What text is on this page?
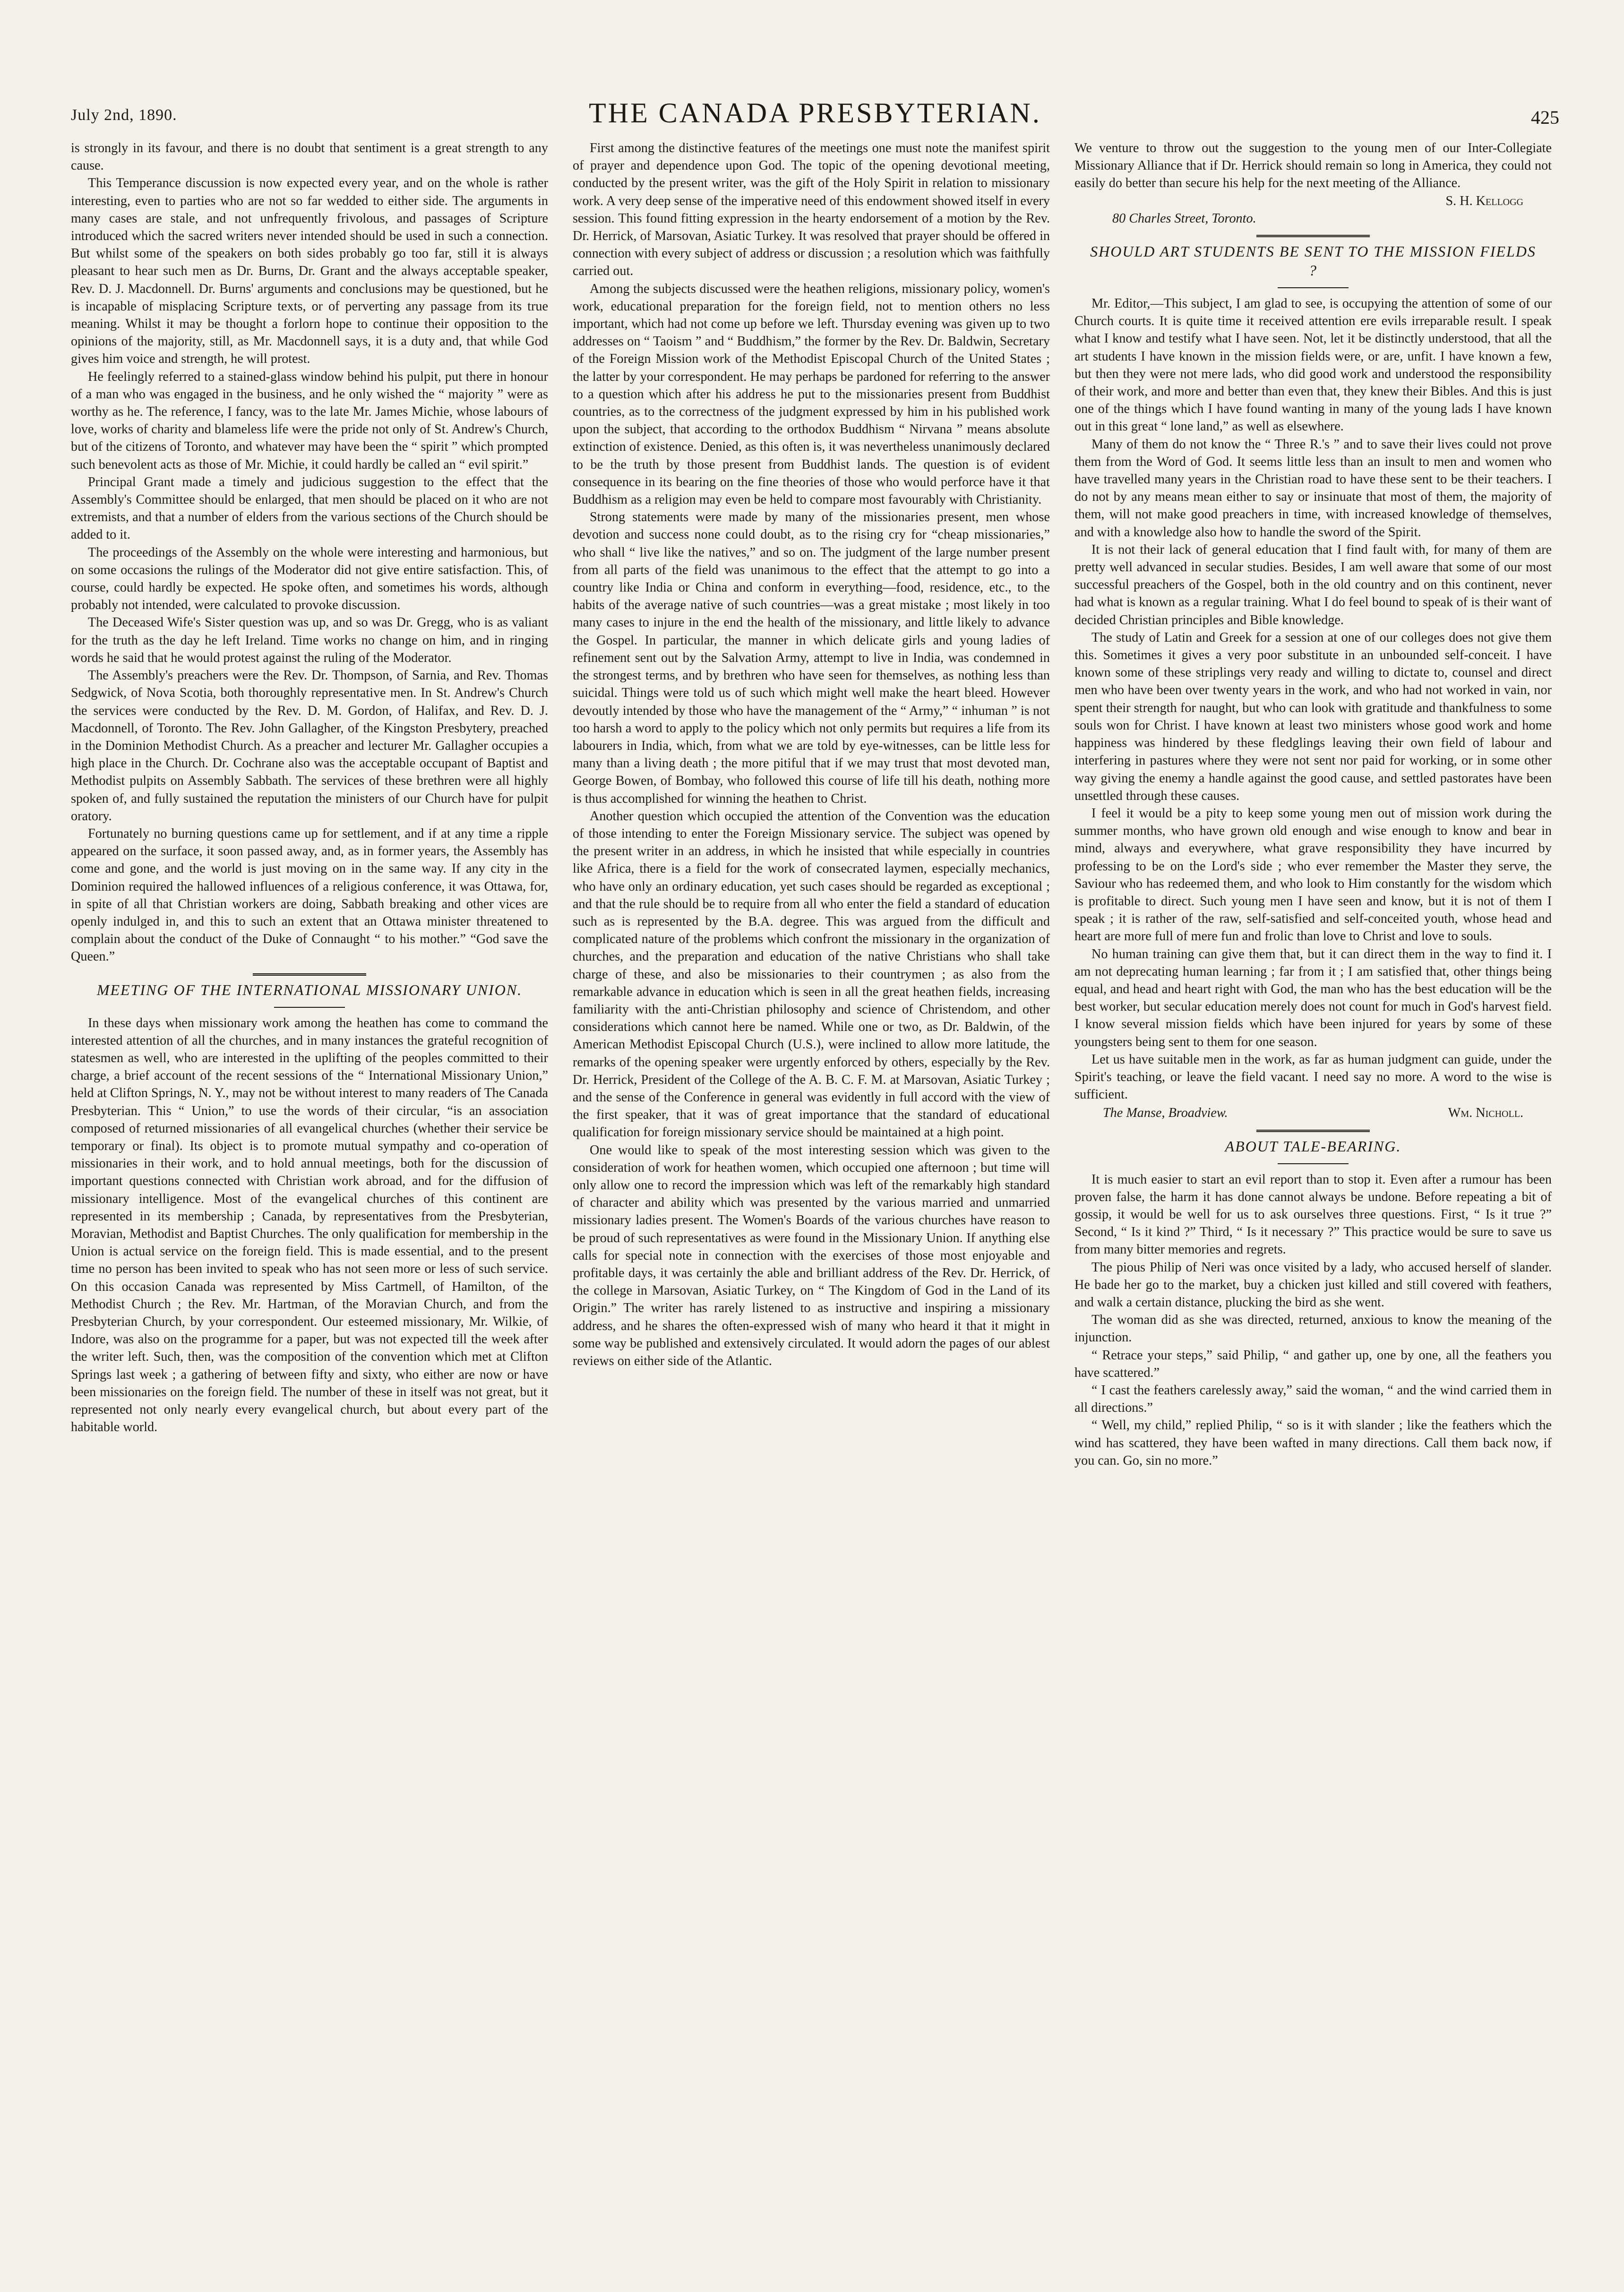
July 2nd, 1890.	THE CANADA PRESBYTERIAN.	425

is strongly in its favour, and there is no doubt that sentiment is a great strength to any cause.

This Temperance discussion is now expected every year, and on the whole is rather interesting, even to parties who are not so far wedded to either side. The arguments in many cases are stale, and not unfrequently frivolous, and passages of Scripture introduced which the sacred writers never intended should be used in such a connection. But whilst some of the speakers on both sides probably go too far, still it is always pleasant to hear such men as Dr. Burns, Dr. Grant and the always acceptable speaker, Rev. D. J. Macdonnell. Dr. Burns' arguments and conclusions may be questioned, but he is incapable of misplacing Scripture texts, or of perverting any passage from its true meaning. Whilst it may be thought a forlorn hope to continue their opposition to the opinions of the majority, still, as Mr. Macdonnell says, it is a duty and, that while God gives him voice and strength, he will protest.

He feelingly referred to a stained-glass window behind his pulpit, put there in honour of a man who was engaged in the business, and he only wished the “ majority ” were as worthy as he. The reference, I fancy, was to the late Mr. James Michie, whose labours of love, works of charity and blameless life were the pride not only of St. Andrew's Church, but of the citizens of Toronto, and whatever may have been the “ spirit ” which prompted such benevolent acts as those of Mr. Michie, it could hardly be called an “ evil spirit.”

Principal Grant made a timely and judicious suggestion to the effect that the Assembly's Committee should be enlarged, that men should be placed on it who are not extremists, and that a number of elders from the various sections of the Church should be added to it.

The proceedings of the Assembly on the whole were interesting and harmonious, but on some occasions the rulings of the Moderator did not give entire satisfaction. This, of course, could hardly be expected. He spoke often, and sometimes his words, although probably not intended, were calculated to provoke discussion.

The Deceased Wife's Sister question was up, and so was Dr. Gregg, who is as valiant for the truth as the day he left Ireland. Time works no change on him, and in ringing words he said that he would protest against the ruling of the Moderator.

The Assembly's preachers were the Rev. Dr. Thompson, of Sarnia, and Rev. Thomas Sedgwick, of Nova Scotia, both thoroughly representative men. In St. Andrew's Church the services were conducted by the Rev. D. M. Gordon, of Halifax, and Rev. D. J. Macdonnell, of Toronto. The Rev. John Gallagher, of the Kingston Presbytery, preached in the Dominion Methodist Church. As a preacher and lecturer Mr. Gallagher occupies a high place in the Church. Dr. Cochrane also was the acceptable occupant of Baptist and Methodist pulpits on Assembly Sabbath. The services of these brethren were all highly spoken of, and fully sustained the reputation the ministers of our Church have for pulpit oratory.

Fortunately no burning questions came up for settlement, and if at any time a ripple appeared on the surface, it soon passed away, and, as in former years, the Assembly has come and gone, and the world is just moving on in the same way. If any city in the Dominion required the hallowed influences of a religious conference, it was Ottawa, for, in spite of all that Christian workers are doing, Sabbath breaking and other vices are openly indulged in, and this to such an extent that an Ottawa minister threatened to complain about the conduct of the Duke of Connaught “ to his mother.” “God save the Queen.”

MEETING OF THE INTERNATIONAL MISSIONARY UNION.

In these days when missionary work among the heathen has come to command the interested attention of all the churches, and in many instances the grateful recognition of statesmen as well, who are interested in the uplifting of the peoples committed to their charge, a brief account of the recent sessions of the “ International Missionary Union,” held at Clifton Springs, N. Y., may not be without interest to many readers of The Canada Presbyterian. This “ Union,” to use the words of their circular, “is an association composed of returned missionaries of all evangelical churches (whether their service be temporary or final). Its object is to promote mutual sympathy and co-operation of missionaries in their work, and to hold annual meetings, both for the discussion of important questions connected with Christian work abroad, and for the diffusion of missionary intelligence. Most of the evangelical churches of this continent are represented in its membership ; Canada, by representatives from the Presbyterian, Moravian, Methodist and Baptist Churches. The only qualification for membership in the Union is actual service on the foreign field. This is made essential, and to the present time no person has been invited to speak who has not seen more or less of such service. On this occasion Canada was represented by Miss Cartmell, of Hamilton, of the Methodist Church ; the Rev. Mr. Hartman, of the Moravian Church, and from the Presbyterian Church, by your correspondent. Our esteemed missionary, Mr. Wilkie, of Indore, was also on the programme for a paper, but was not expected till the week after the writer left. Such, then, was the composition of the convention which met at Clifton Springs last week ; a gathering of between fifty and sixty, who either are now or have been missionaries on the foreign field. The number of these in itself was not great, but it represented not only nearly every evangelical church, but about every part of the habitable world.

First among the distinctive features of the meetings one must note the manifest spirit of prayer and dependence upon God. The topic of the opening devotional meeting, conducted by the present writer, was the gift of the Holy Spirit in relation to missionary work. A very deep sense of the imperative need of this endowment showed itself in every session. This found fitting expression in the hearty endorsement of a motion by the Rev. Dr. Herrick, of Marsovan, Asiatic Turkey. It was resolved that prayer should be offered in connection with every subject of address or discussion ; a resolution which was faithfully carried out.

Among the subjects discussed were the heathen religions, missionary policy, women's work, educational preparation for the foreign field, not to mention others no less important, which had not come up before we left. Thursday evening was given up to two addresses on “ Taoism ” and “ Buddhism,” the former by the Rev. Dr. Baldwin, Secretary of the Foreign Mission work of the Methodist Episcopal Church of the United States ; the latter by your correspondent. He may perhaps be pardoned for referring to the answer to a question which after his address he put to the missionaries present from Buddhist countries, as to the correctness of the judgment expressed by him in his published work upon the subject, that according to the orthodox Buddhism “ Nirvana ” means absolute extinction of existence. Denied, as this often is, it was nevertheless unanimously declared to be the truth by those present from Buddhist lands. The question is of evident consequence in its bearing on the fine theories of those who would perforce have it that Buddhism as a religion may even be held to compare most favourably with Christianity.

Strong statements were made by many of the missionaries present, men whose devotion and success none could doubt, as to the rising cry for “cheap missionaries,” who shall “ live like the natives,” and so on. The judgment of the large number present from all parts of the field was unanimous to the effect that the attempt to go into a country like India or China and conform in everything—food, residence, etc., to the habits of the average native of such countries—was a great mistake ; most likely in too many cases to injure in the end the health of the missionary, and little likely to advance the Gospel. In particular, the manner in which delicate girls and young ladies of refinement sent out by the Salvation Army, attempt to live in India, was condemned in the strongest terms, and by brethren who have seen for themselves, as nothing less than suicidal. Things were told us of such which might well make the heart bleed. However devoutly intended by those who have the management of the “ Army,” “ inhuman ” is not too harsh a word to apply to the policy which not only permits but requires a life from its labourers in India, which, from what we are told by eye-witnesses, can be little less for many than a living death ; the more pitiful that if we may trust that most devoted man, George Bowen, of Bombay, who followed this course of life till his death, nothing more is thus accomplished for winning the heathen to Christ.

Another question which occupied the attention of the Convention was the education of those intending to enter the Foreign Missionary service. The subject was opened by the present writer in an address, in which he insisted that while especially in countries like Africa, there is a field for the work of consecrated laymen, especially mechanics, who have only an ordinary education, yet such cases should be regarded as exceptional ; and that the rule should be to require from all who enter the field a standard of education such as is represented by the B.A. degree. This was argued from the difficult and complicated nature of the problems which confront the missionary in the organization of churches, and the preparation and education of the native Christians who shall take charge of these, and also be missionaries to their countrymen ; as also from the remarkable advance in education which is seen in all the great heathen fields, increasing familiarity with the anti-Christian philosophy and science of Christendom, and other considerations which cannot here be named. While one or two, as Dr. Baldwin, of the American Methodist Episcopal Church (U.S.), were inclined to allow more latitude, the remarks of the opening speaker were urgently enforced by others, especially by the Rev. Dr. Herrick, President of the College of the A. B. C. F. M. at Marsovan, Asiatic Turkey ; and the sense of the Conference in general was evidently in full accord with the view of the first speaker, that it was of great importance that the standard of educational qualification for foreign missionary service should be maintained at a high point.

One would like to speak of the most interesting session which was given to the consideration of work for heathen women, which occupied one afternoon ; but time will only allow one to record the impression which was left of the remarkably high standard of character and ability which was presented by the various married and unmarried missionary ladies present. The Women's Boards of the various churches have reason to be proud of such representatives as were found in the Missionary Union. If anything else calls for special note in connection with the exercises of those most enjoyable and profitable days, it was certainly the able and brilliant address of the Rev. Dr. Herrick, of the college in Marsovan, Asiatic Turkey, on “ The Kingdom of God in the Land of its Origin.” The writer has rarely listened to as instructive and inspiring a missionary address, and he shares the often-expressed wish of many who heard it that it might in some way be published and extensively circulated. It would adorn the pages of our ablest reviews on either side of the Atlantic.

We venture to throw out the suggestion to the young men of our Inter-Collegiate Missionary Alliance that if Dr. Herrick should remain so long in America, they could not easily do better than secure his help for the next meeting of the Alliance.

S. H. Kellogg

80 Charles Street, Toronto.

SHOULD ART STUDENTS BE SENT TO THE MISSION FIELDS ?

Mr. Editor,—This subject, I am glad to see, is occupying the attention of some of our Church courts. It is quite time it received attention ere evils irreparable result. I speak what I know and testify what I have seen. Not, let it be distinctly understood, that all the art students I have known in the mission fields were, or are, unfit. I have known a few, but then they were not mere lads, who did good work and understood the responsibility of their work, and more and better than even that, they knew their Bibles. And this is just one of the things which I have found wanting in many of the young lads I have known out in this great “ lone land,” as well as elsewhere.

Many of them do not know the “ Three R.'s ” and to save their lives could not prove them from the Word of God. It seems little less than an insult to men and women who have travelled many years in the Christian road to have these sent to be their teachers. I do not by any means mean either to say or insinuate that most of them, the majority of them, will not make good preachers in time, with increased knowledge of themselves, and with a knowledge also how to handle the sword of the Spirit.

It is not their lack of general education that I find fault with, for many of them are pretty well advanced in secular studies. Besides, I am well aware that some of our most successful preachers of the Gospel, both in the old country and on this continent, never had what is known as a regular training. What I do feel bound to speak of is their want of decided Christian principles and Bible knowledge.

The study of Latin and Greek for a session at one of our colleges does not give them this. Sometimes it gives a very poor substitute in an unbounded self-conceit. I have known some of these striplings very ready and willing to dictate to, counsel and direct men who have been over twenty years in the work, and who had not worked in vain, nor spent their strength for naught, but who can look with gratitude and thankfulness to some souls won for Christ. I have known at least two ministers whose good work and home happiness was hindered by these fledglings leaving their own field of labour and interfering in pastures where they were not sent nor paid for working, or in some other way giving the enemy a handle against the good cause, and settled pastorates have been unsettled through these causes.

I feel it would be a pity to keep some young men out of mission work during the summer months, who have grown old enough and wise enough to know and bear in mind, always and everywhere, what grave responsibility they have incurred by professing to be on the Lord's side ; who ever remember the Master they serve, the Saviour who has redeemed them, and who look to Him constantly for the wisdom which is profitable to direct. Such young men I have seen and know, but it is not of them I speak ; it is rather of the raw, self-satisfied and self-conceited youth, whose head and heart are more full of mere fun and frolic than love to Christ and love to souls.

No human training can give them that, but it can direct them in the way to find it. I am not deprecating human learning ; far from it ; I am satisfied that, other things being equal, and head and heart right with God, the man who has the best education will be the best worker, but secular education merely does not count for much in God's harvest field. I know several mission fields which have been injured for years by some of these youngsters being sent to them for one season.

Let us have suitable men in the work, as far as human judgment can guide, under the Spirit's teaching, or leave the field vacant. I need say no more. A word to the wise is sufficient.

The Manse, Broadview.	Wm. Nicholl.
ABOUT TALE-BEARING.

It is much easier to start an evil report than to stop it. Even after a rumour has been proven false, the harm it has done cannot always be undone. Before repeating a bit of gossip, it would be well for us to ask ourselves three questions. First, “ Is it true ?” Second, “ Is it kind ?” Third, “ Is it necessary ?” This practice would be sure to save us from many bitter memories and regrets.

The pious Philip of Neri was once visited by a lady, who accused herself of slander. He bade her go to the market, buy a chicken just killed and still covered with feathers, and walk a certain distance, plucking the bird as she went.

The woman did as she was directed, returned, anxious to know the meaning of the injunction.

“ Retrace your steps,” said Philip, “ and gather up, one by one, all the feathers you have scattered.”

“ I cast the feathers carelessly away,” said the woman, “ and the wind carried them in all directions.”

“ Well, my child,” replied Philip, “ so is it with slander ; like the feathers which the wind has scattered, they have been wafted in many directions. Call them back now, if you can. Go, sin no more.”
